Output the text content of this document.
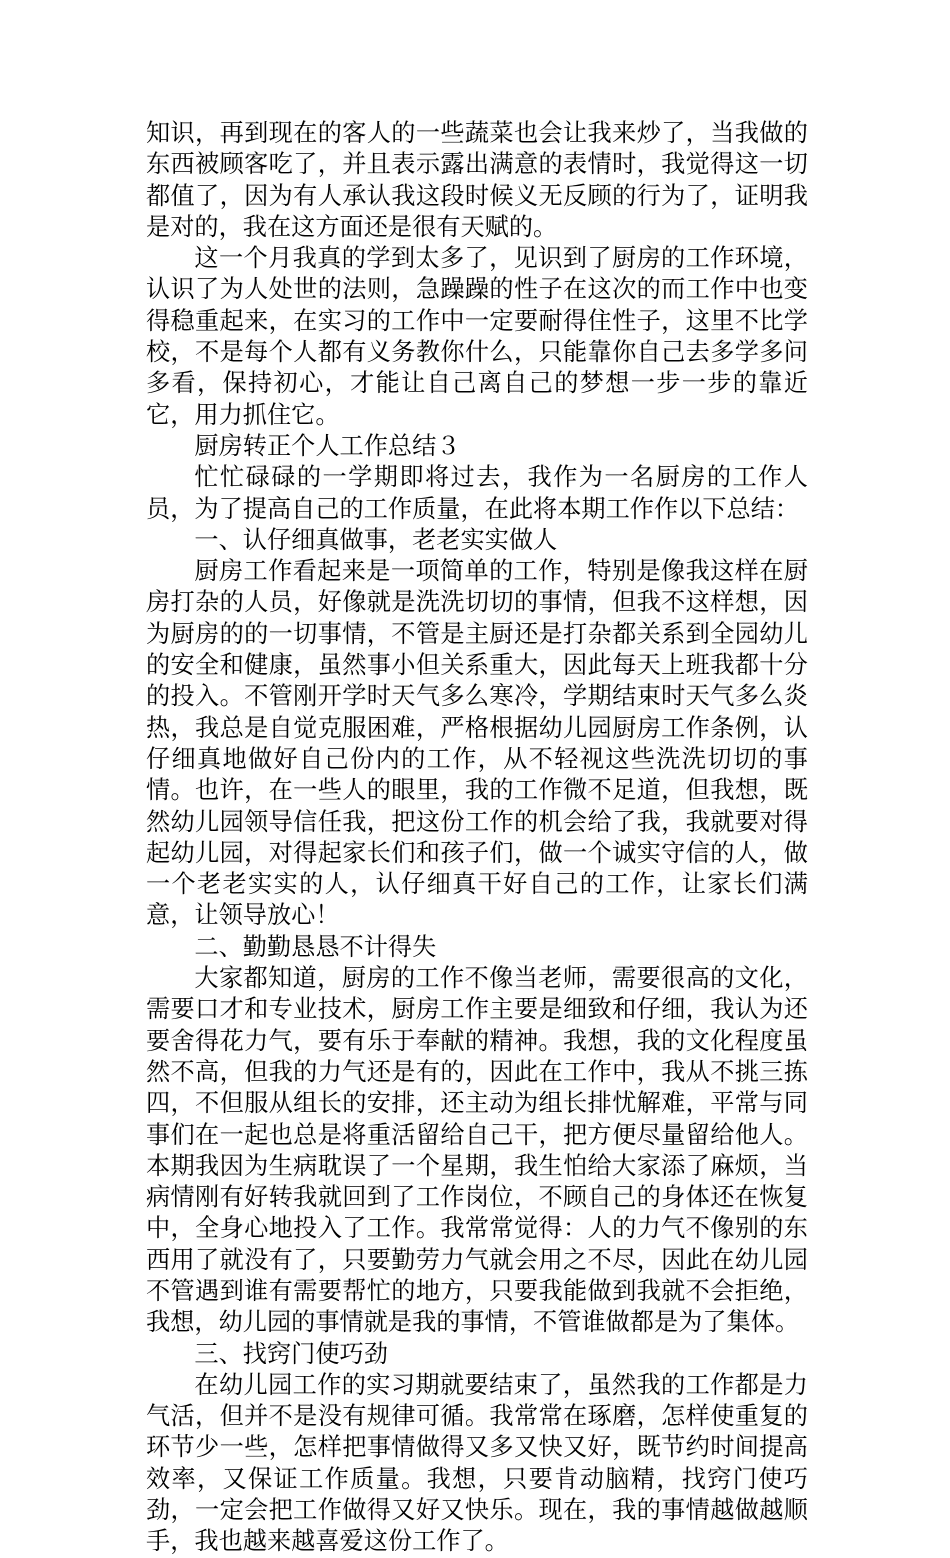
知识，再到现在的客人的一些蔬菜也会让我来炒了，当我做的东西被顾客吃了，并且表示露出满意的表情时，我觉得这一切都值了，因为有人承认我这段时候义无反顾的行为了，证明我是对的，我在这方面还是很有天赋的。

这一个月我真的学到太多了，见识到了厨房的工作环境，认识了为人处世的法则，急躁躁的性子在这次的而工作中也变得稳重起来，在实习的工作中一定要耐得住性子，这里不比学校，不是每个人都有义务教你什么，只能靠你自己去多学多问多看，保持初心，才能让自己离自己的梦想一步一步的靠近它，用力抓住它。

厨房转正个人工作总结３

忙忙碌碌的一学期即将过去，我作为一名厨房的工作人员，为了提高自己的工作质量，在此将本期工作作以下总结：

一、认仔细真做事，老老实实做人

厨房工作看起来是一项简单的工作，特别是像我这样在厨房打杂的人员，好像就是洗洗切切的事情，但我不这样想，因为厨房的的一切事情，不管是主厨还是打杂都关系到全园幼儿的安全和健康，虽然事小但关系重大，因此每天上班我都十分的投入。不管刚开学时天气多么寒冷，学期结束时天气多么炎热，我总是自觉克服困难，严格根据幼儿园厨房工作条例，认仔细真地做好自己份内的工作，从不轻视这些洗洗切切的事情。也许，在一些人的眼里，我的工作微不足道，但我想，既然幼儿园领导信任我，把这份工作的机会给了我，我就要对得起幼儿园，对得起家长们和孩子们，做一个诚实守信的人，做一个老老实实的人，认仔细真干好自己的工作，让家长们满意，让领导放心！

二、勤勤恳恳不计得失

大家都知道，厨房的工作不像当老师，需要很高的文化，需要口才和专业技术，厨房工作主要是细致和仔细，我认为还要舍得花力气，要有乐于奉献的精神。我想，我的文化程度虽然不高，但我的力气还是有的，因此在工作中，我从不挑三拣四，不但服从组长的安排，还主动为组长排忧解难，平常与同事们在一起也总是将重活留给自己干，把方便尽量留给他人。本期我因为生病耽误了一个星期，我生怕给大家添了麻烦，当病情刚有好转我就回到了工作岗位，不顾自己的身体还在恢复中，全身心地投入了工作。我常常觉得：人的力气不像别的东西用了就没有了，只要勤劳力气就会用之不尽，因此在幼儿园不管遇到谁有需要帮忙的地方，只要我能做到我就不会拒绝，我想，幼儿园的事情就是我的事情，不管谁做都是为了集体。

三、找窍门使巧劲

在幼儿园工作的实习期就要结束了，虽然我的工作都是力气活，但并不是没有规律可循。我常常在琢磨，怎样使重复的环节少一些，怎样把事情做得又多又快又好，既节约时间提高效率，又保证工作质量。我想，只要肯动脑精，找窍门使巧劲，一定会把工作做得又好又快乐。现在，我的事情越做越顺手，我也越来越喜爱这份工作了。
